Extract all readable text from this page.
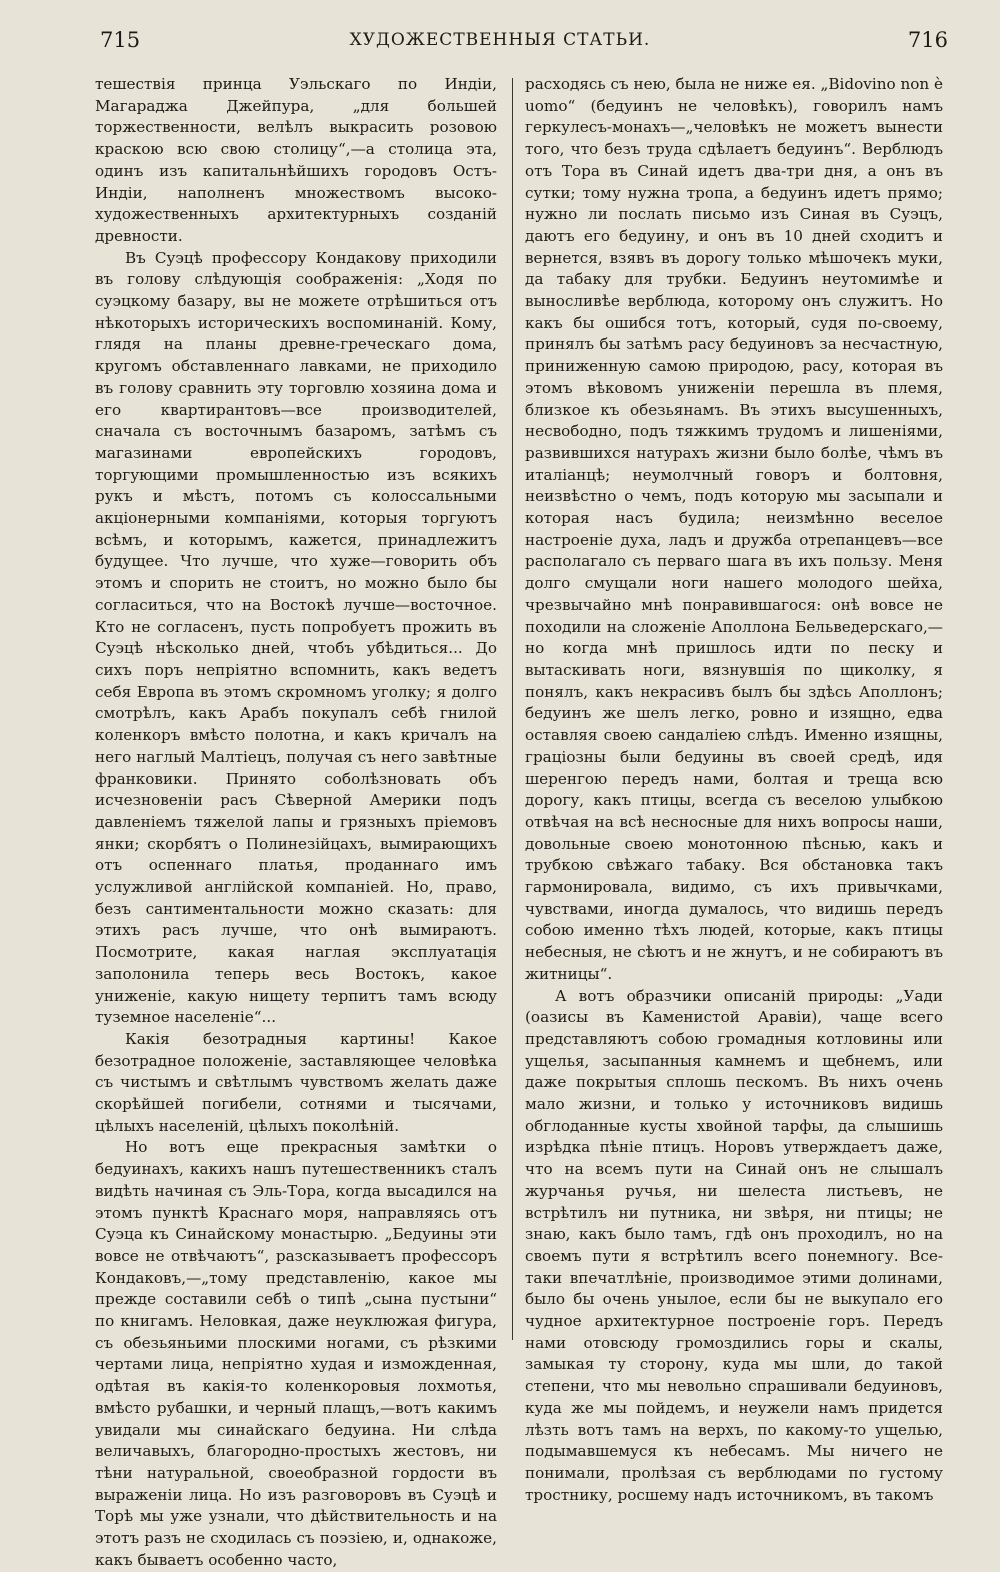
715	ХУДОЖЕСТВЕННЫЯ СТАТЬИ.	716

тешествія принца Уэльскаго по Индіи, Магараджа Джейпура, „для большей торжественности, велѣлъ выкрасить розовою краскою всю свою столицу“,—а столица эта, одинъ изъ капитальнѣйшихъ городовъ Остъ-Индіи, наполненъ множествомъ высоко-художественныхъ архитектурныхъ созданій древности.

Въ Суэцѣ профессору Кондакову приходили въ голову слѣдующія соображенія: „Ходя по суэцкому базару, вы не можете отрѣшиться отъ нѣкоторыхъ историческихъ воспоминаній. Кому, глядя на планы древне-греческаго дома, кругомъ обставленнаго лавками, не приходило въ голову сравнить эту торговлю хозяина дома и его квартирантовъ—все производителей, сначала съ восточнымъ базаромъ, затѣмъ съ магазинами европейскихъ городовъ, торгующими промышленностью изъ всякихъ рукъ и мѣстъ, потомъ съ колоссальными акціонерными компаніями, которыя торгуютъ всѣмъ, и которымъ, кажется, принадлежитъ будущее. Что лучше, что хуже—говорить объ этомъ и спорить не стоитъ, но можно было бы согласиться, что на Востокѣ лучше—восточное. Кто не согласенъ, пусть попробуетъ прожить въ Суэцѣ нѣсколько дней, чтобъ убѣдиться... До сихъ поръ непріятно вспомнить, какъ ведетъ себя Европа въ этомъ скромномъ уголку; я долго смотрѣлъ, какъ Арабъ покупалъ себѣ гнилой коленкоръ вмѣсто полотна, и какъ кричалъ на него наглый Малтіецъ, получая съ него завѣтные франковики. Принято соболѣзновать объ исчезновеніи расъ Сѣверной Америки подъ давленіемъ тяжелой лапы и грязныхъ пріемовъ янки; скорбятъ о Полинезійцахъ, вымирающихъ отъ оспеннаго платья, проданнаго имъ услужливой англійской компаніей. Но, право, безъ сантиментальности можно сказать: для этихъ расъ лучше, что онѣ вымираютъ. Посмотрите, какая наглая эксплуатація заполонила теперь весь Востокъ, какое униженіе, какую нищету терпитъ тамъ всюду туземное населеніе“...

Какія безотрадныя картины! Какое безотрадное положеніе, заставляющее человѣка съ чистымъ и свѣтлымъ чувствомъ желать даже скорѣйшей погибели, сотнями и тысячами, цѣлыхъ населеній, цѣлыхъ поколѣній.

Но вотъ еще прекрасныя замѣтки о бедуинахъ, какихъ нашъ путешественникъ сталъ видѣть начиная съ Эль-Тора, когда высадился на этомъ пунктѣ Краснаго моря, направляясь отъ Суэца къ Синайскому монастырю. „Бедуины эти вовсе не отвѣчаютъ“, разсказываетъ профессоръ Кондаковъ,—„тому представленію, какое мы прежде составили себѣ о типѣ „сына пустыни“ по книгамъ. Неловкая, даже неуклюжая фигура, съ обезьяньими плоскими ногами, съ рѣзкими чертами лица, непріятно худая и изможденная, одѣтая въ какія-то коленкоровыя лохмотья, вмѣсто рубашки, и черный плащъ,—вотъ какимъ увидали мы синайскаго бедуина. Ни слѣда величавыхъ, благородно-простыхъ жестовъ, ни тѣни натуральной, своеобразной гордости въ выраженіи лица. Но изъ разговоровъ въ Суэцѣ и Торѣ мы уже узнали, что дѣйствительность и на этотъ разъ не сходилась съ поэзіею, и, однакоже, какъ бываетъ особенно часто,

расходясь съ нею, была не ниже ея. „Bidovino non è uomo“ (бедуинъ не человѣкъ), говорилъ намъ геркулесъ-монахъ—„человѣкъ не можетъ вынести того, что безъ труда сдѣлаетъ бедуинъ“. Верблюдъ отъ Тора въ Синай идетъ два-три дня, а онъ въ сутки; тому нужна тропа, а бедуинъ идетъ прямо; нужно ли послать письмо изъ Синая въ Суэцъ, даютъ его бедуину, и онъ въ 10 дней сходитъ и вернется, взявъ въ дорогу только мѣшочекъ муки, да табаку для трубки. Бедуинъ неутомимѣе и выносливѣе верблюда, которому онъ служитъ. Но какъ бы ошибся тотъ, который, судя по-своему, принялъ бы затѣмъ расу бедуиновъ за несчастную, приниженную самою природою, расу, которая въ этомъ вѣковомъ униженіи перешла въ племя, близкое къ обезьянамъ. Въ этихъ высушенныхъ, несвободно, подъ тяжкимъ трудомъ и лишеніями, развившихся натурахъ жизни было болѣе, чѣмъ въ италіанцѣ; неумолчный говоръ и болтовня, неизвѣстно о чемъ, подъ которую мы засыпали и которая насъ будила; неизмѣнно веселое настроеніе духа, ладъ и дружба отрепанцевъ—все располагало съ перваго шага въ ихъ пользу. Меня долго смущали ноги нашего молодого шейха, чрезвычайно мнѣ понравившагося: онѣ вовсе не походили на сложеніе Аполлона Бельведерскаго,—но когда мнѣ пришлось идти по песку и вытаскивать ноги, вязнувшія по щиколку, я понялъ, какъ некрасивъ былъ бы здѣсь Аполлонъ; бедуинъ же шелъ легко, ровно и изящно, едва оставляя своею сандаліею слѣдъ. Именно изящны, граціозны были бедуины въ своей средѣ, идя шеренгою передъ нами, болтая и треща всю дорогу, какъ птицы, всегда съ веселою улыбкою отвѣчая на всѣ несносные для нихъ вопросы наши, довольные своею монотонною пѣснью, какъ и трубкою свѣжаго табаку. Вся обстановка такъ гармонировала, видимо, съ ихъ привычками, чувствами, иногда думалось, что видишь передъ собою именно тѣхъ людей, которые, какъ птицы небесныя, не сѣютъ и не жнутъ, и не собираютъ въ житницы“.

А вотъ образчики описаній природы: „Уади (оазисы въ Каменистой Аравіи), чаще всего представляютъ собою громадныя котловины или ущелья, засыпанныя камнемъ и щебнемъ, или даже покрытыя сплошь пескомъ. Въ нихъ очень мало жизни, и только у источниковъ видишь обглоданные кусты хвойной тарфы, да слышишь изрѣдка пѣніе птицъ. Норовъ утверждаетъ даже, что на всемъ пути на Синай онъ не слышалъ журчанья ручья, ни шелеста листьевъ, не встрѣтилъ ни путника, ни звѣря, ни птицы; не знаю, какъ было тамъ, гдѣ онъ проходилъ, но на своемъ пути я встрѣтилъ всего понемногу. Все-таки впечатлѣніе, производимое этими долинами, было бы очень унылое, если бы не выкупало его чудное архитектурное построеніе горъ. Передъ нами отовсюду громоздились горы и скалы, замыкая ту сторону, куда мы шли, до такой степени, что мы невольно спрашивали бедуиновъ, куда же мы пойдемъ, и неужели намъ придется лѣзть вотъ тамъ на верхъ, по какому-то ущелью, подымавшемуся къ небесамъ. Мы ничего не понимали, пролѣзая съ верблюдами по густому тростнику, росшему надъ источникомъ, въ такомъ
